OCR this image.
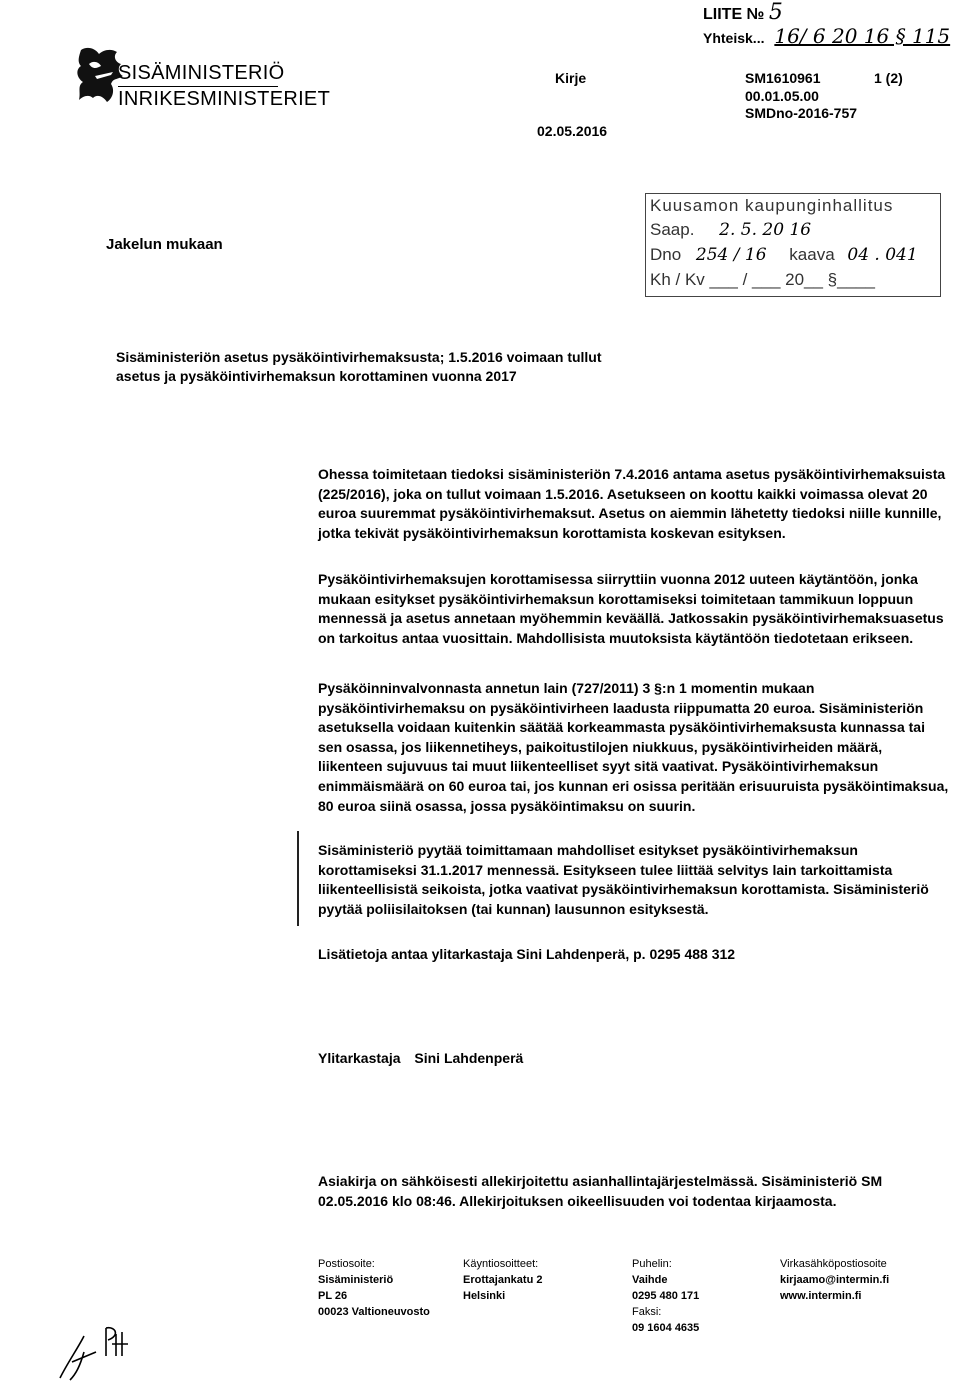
LIITE № 5
Yhteisk... 16/ 6 20 16 § 115
SISÄMINISTERIÖ
INRIKESMINISTERIET
Kirje
02.05.2016
SM1610961
00.01.05.00
SMDno-2016-757
1 (2)
Jakelun mukaan
Kuusamon kaupunginhallitus
Saap. 2. 5. 20 16
Dno 254 / 16 kaava 04 . 041
Kh / Kv ___ / ___ 20__ §____
Sisäministeriön asetus pysäköintivirhemaksusta; 1.5.2016 voimaan tullut
asetus ja pysäköintivirhemaksun korottaminen vuonna 2017
Ohessa toimitetaan tiedoksi sisäministeriön 7.4.2016 antama asetus pysäköintivirhemaksuista (225/2016), joka on tullut voimaan 1.5.2016. Asetukseen on koottu kaikki voimassa olevat 20 euroa suuremmat pysäköintivirhemaksut. Asetus on aiemmin lähetetty tiedoksi niille kunnille, jotka tekivät pysäköintivirhemaksun korottamista koskevan esityksen.
Pysäköintivirhemaksujen korottamisessa siirryttiin vuonna 2012 uuteen käytäntöön, jonka mukaan esitykset pysäköintivirhemaksun korottamiseksi toimitetaan tammikuun loppuun mennessä ja asetus annetaan myöhemmin keväällä. Jatkossakin pysäköintivirhemaksuasetus on tarkoitus antaa vuosittain. Mahdollisista muutoksista käytäntöön tiedotetaan erikseen.
Pysäköinninvalvonnasta annetun lain (727/2011) 3 §:n 1 momentin mukaan pysäköintivirhemaksu on pysäköintivirheen laadusta riippumatta 20 euroa. Sisäministeriön asetuksella voidaan kuitenkin säätää korkeammasta pysäköintivirhemaksusta kunnassa tai sen osassa, jos liikennetiheys, paikoitustilojen niukkuus, pysäköintivirheiden määrä, liikenteen sujuvuus tai muut liikenteelliset syyt sitä vaativat. Pysäköintivirhemaksun enimmäismäärä on 60 euroa tai, jos kunnan eri osissa peritään erisuuruista pysäköintimaksua, 80 euroa siinä osassa, jossa pysäköintimaksu on suurin.
Sisäministeriö pyytää toimittamaan mahdolliset esitykset pysäköintivirhemaksun korottamiseksi 31.1.2017 mennessä. Esitykseen tulee liittää selvitys lain tarkoittamista liikenteellisistä seikoista, jotka vaativat pysäköintivirhemaksun korottamista. Sisäministeriö pyytää poliisilaitoksen (tai kunnan) lausunnon esityksestä.
Lisätietoja antaa ylitarkastaja Sini Lahdenperä, p. 0295 488 312
Ylitarkastaja Sini Lahdenperä
Asiakirja on sähköisesti allekirjoitettu asianhallintajärjestelmässä. Sisäministeriö SM 02.05.2016 klo 08:46. Allekirjoituksen oikeellisuuden voi todentaa kirjaamosta.
Postiosoite:
Sisäministeriö
PL 26
00023 Valtioneuvosto
Käyntiosoitteet:
Erottajankatu 2
Helsinki
Puhelin:
Vaihde
0295 480 171
Faksi:
09 1604 4635
Virkasähköpostiosoite
kirjaamo@intermin.fi
www.intermin.fi
